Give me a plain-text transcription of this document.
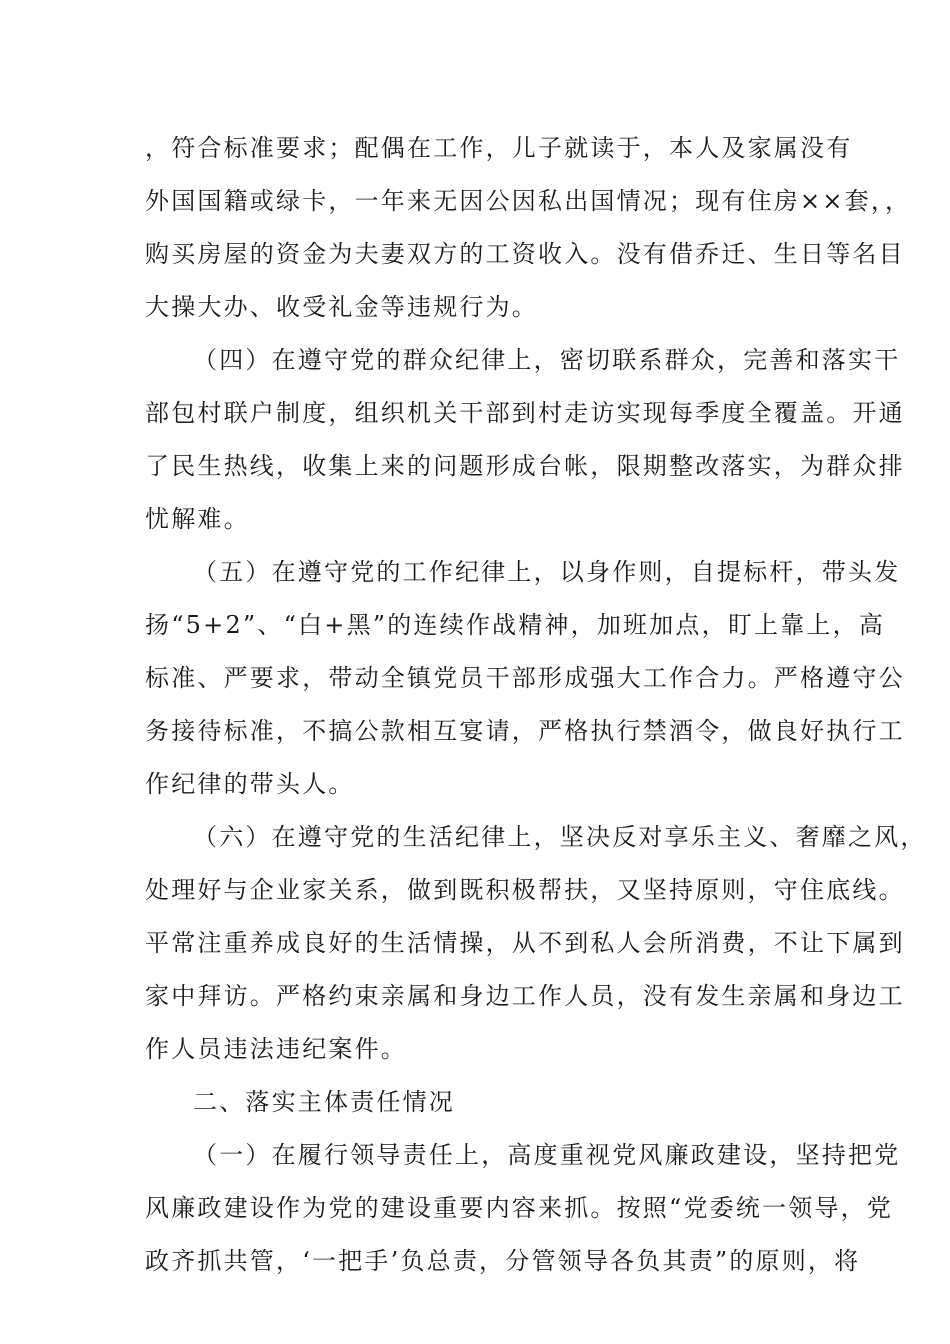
，符合标准要求；配偶在工作，儿子就读于，本人及家属没有
外国国籍或绿卡，一年来无因公因私出国情况；现有住房××套，，
购买房屋的资金为夫妻双方的工资收入。没有借乔迁、生日等名目
大操大办、收受礼金等违规行为。
（四）在遵守党的群众纪律上，密切联系群众，完善和落实干
部包村联户制度，组织机关干部到村走访实现每季度全覆盖。开通
了民生热线，收集上来的问题形成台帐，限期整改落实，为群众排
忧解难。
（五）在遵守党的工作纪律上，以身作则，自提标杆，带头发
扬“5+2”、“白+黑”的连续作战精神，加班加点，盯上靠上，高
标准、严要求，带动全镇党员干部形成强大工作合力。严格遵守公
务接待标准，不搞公款相互宴请，严格执行禁酒令，做良好执行工
作纪律的带头人。
（六）在遵守党的生活纪律上，坚决反对享乐主义、奢靡之风，
处理好与企业家关系，做到既积极帮扶，又坚持原则，守住底线。
平常注重养成良好的生活情操，从不到私人会所消费，不让下属到
家中拜访。严格约束亲属和身边工作人员，没有发生亲属和身边工
作人员违法违纪案件。
二、落实主体责任情况
（一）在履行领导责任上，高度重视党风廉政建设，坚持把党
风廉政建设作为党的建设重要内容来抓。按照“党委统一领导，党
政齐抓共管，‘一把手’负总责，分管领导各负其责”的原则，将
